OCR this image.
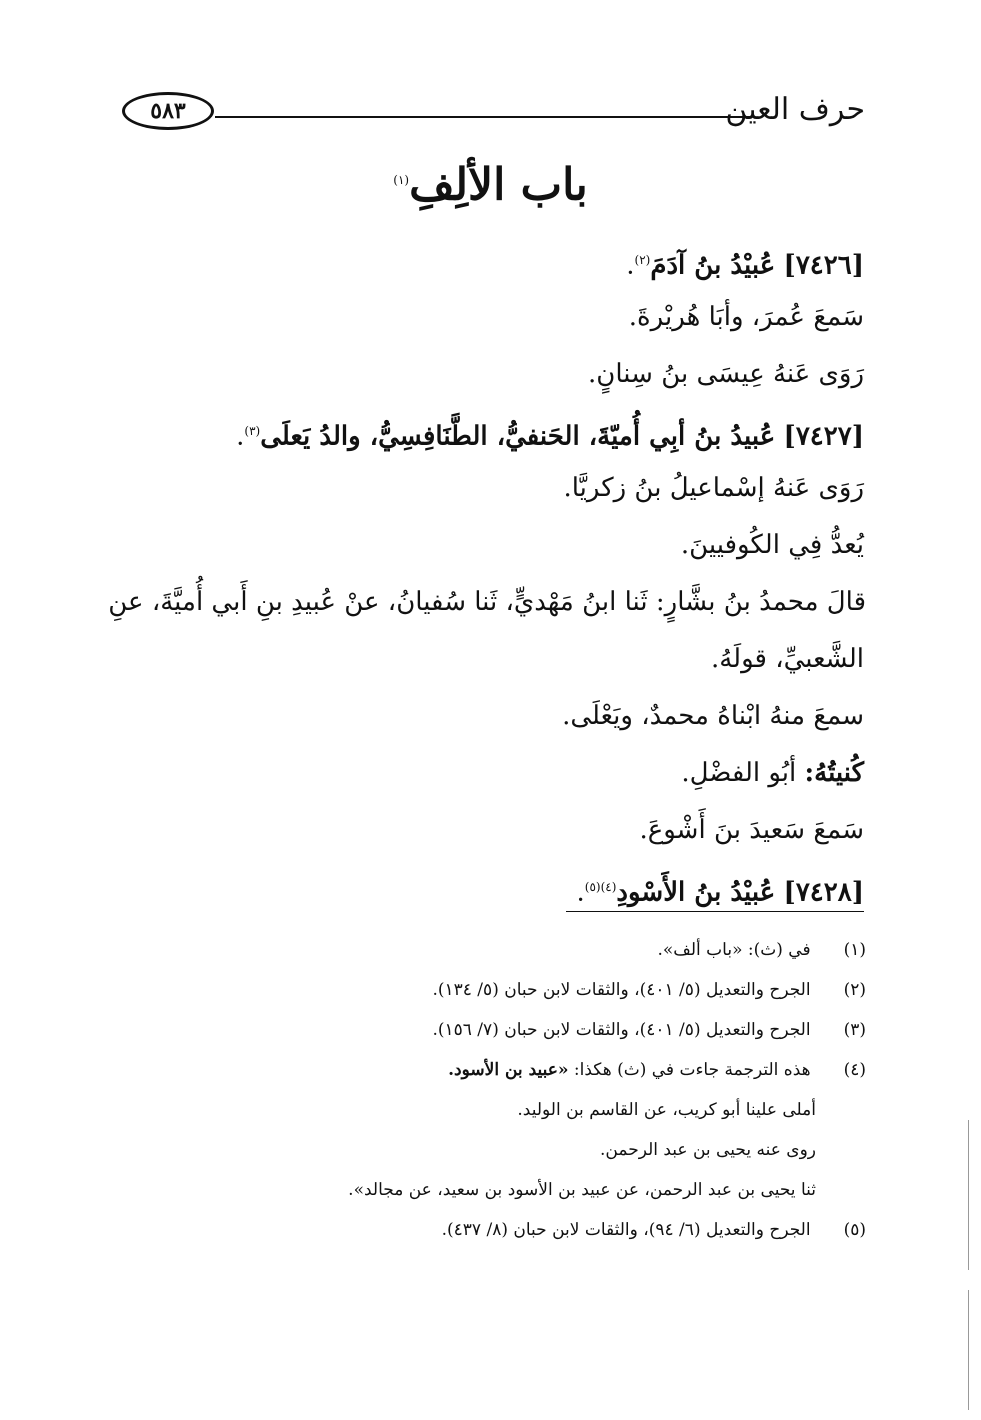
حرف العين
٥٨٣
باب الألِفِ$^{(١)}$
[٧٤٢٦] عُبيْدُ بنُ آدَمَ$^{(٢)}$.
سَمعَ عُمرَ، وأبَا هُريْرةَ.
رَوَى عَنهُ عِيسَى بنُ سِنانٍ.
[٧٤٢٧] عُبيدُ بنُ أبِي أُميّةَ، الحَنفيُّ، الطَّنَافِسِيُّ، والدُ يَعلَى$^{(٣)}$.
رَوَى عَنهُ إسْماعيلُ بنُ زكريَّا.
يُعدُّ فِي الكُوفيينَ.
قالَ محمدُ بنُ بشَّارٍ: ثَنا ابنُ مَهْديٍّ، ثَنا سُفيانُ، عنْ عُبيدِ بنِ أَبي أُميَّةَ، عنِ
الشَّعبيِّ، قولَهُ.
سمعَ منهُ ابْناهُ محمدٌ، ويَعْلَى.
كُنيتُهُ: أبُو الفضْلِ.
سَمعَ سَعيدَ بنَ أَشْوعَ.
[٧٤٢٨] عُبيْدُ بنُ الأَسْودِ$^{(٤)(٥)}$.
(١) في (ث): «باب ألف».
(٢) الجرح والتعديل (٥/ ٤٠١)، والثقات لابن حبان (٥/ ١٣٤).
(٣) الجرح والتعديل (٥/ ٤٠١)، والثقات لابن حبان (٧/ ١٥٦).
(٤) هذه الترجمة جاءت في (ث) هكذا: «عبيد بن الأسود.
أملى علينا أبو كريب، عن القاسم بن الوليد.
روى عنه يحيى بن عبد الرحمن.
ثنا يحيى بن عبد الرحمن، عن عبيد بن الأسود بن سعيد، عن مجالد».
(٥) الجرح والتعديل (٦/ ٩٤)، والثقات لابن حبان (٨/ ٤٣٧).
